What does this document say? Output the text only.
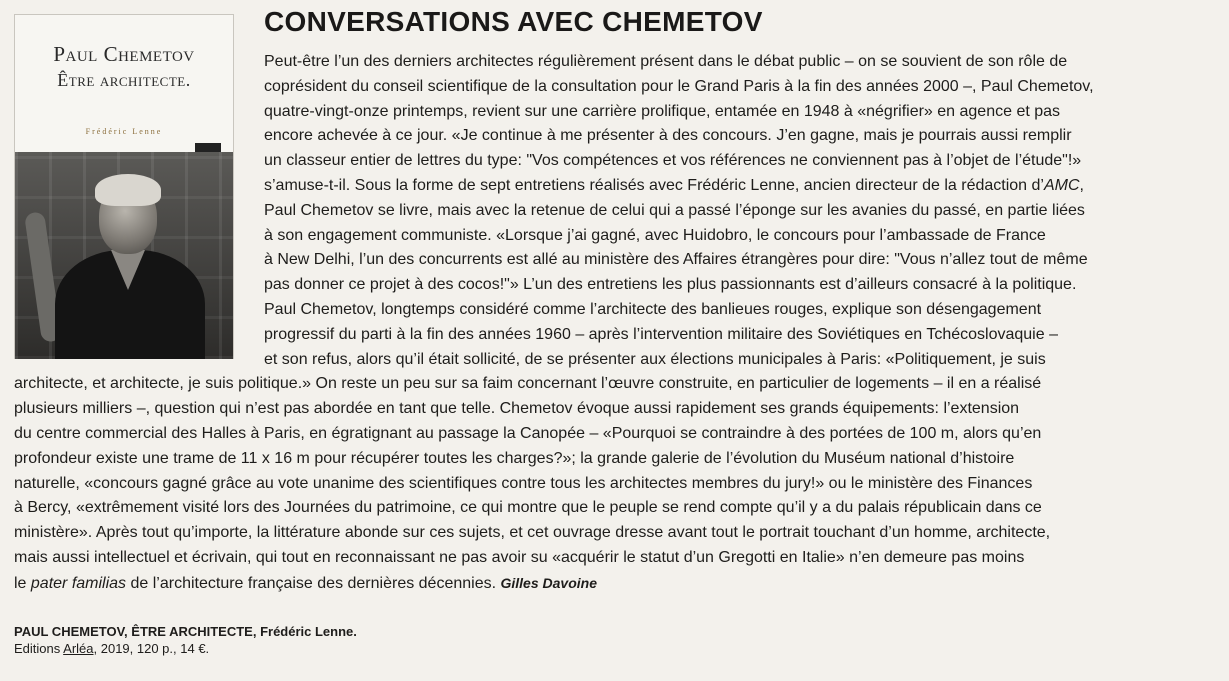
Paul Chemetov
Être architecte.
Frédéric Lenne
CONVERSATIONS AVEC CHEMETOV
Peut-être l’un des derniers architectes régulièrement présent dans le débat public – on se souvient de son rôle de
coprésident du conseil scientifique de la consultation pour le Grand Paris à la fin des années 2000 –, Paul Chemetov,
quatre-vingt-onze printemps, revient sur une carrière prolifique, entamée en 1948 à «négrifier» en agence et pas
encore achevée à ce jour. «Je continue à me présenter à des concours. J’en gagne, mais je pourrais aussi remplir
un classeur entier de lettres du type: "Vos compétences et vos références ne conviennent pas à l’objet de l’étude"!»
s’amuse-t-il. Sous la forme de sept entretiens réalisés avec Frédéric Lenne, ancien directeur de la rédaction d’AMC,
Paul Chemetov se livre, mais avec la retenue de celui qui a passé l’éponge sur les avanies du passé, en partie liées
à son engagement communiste. «Lorsque j’ai gagné, avec Huidobro, le concours pour l’ambassade de France
à New Delhi, l’un des concurrents est allé au ministère des Affaires étrangères pour dire: "Vous n’allez tout de même
pas donner ce projet à des cocos!"» L’un des entretiens les plus passionnants est d’ailleurs consacré à la politique.
Paul Chemetov, longtemps considéré comme l’architecte des banlieues rouges, explique son désengagement
progressif du parti à la fin des années 1960 – après l’intervention militaire des Soviétiques en Tchécoslovaquie –
et son refus, alors qu’il était sollicité, de se présenter aux élections municipales à Paris: «Politiquement, je suis
architecte, et architecte, je suis politique.» On reste un peu sur sa faim concernant l’œuvre construite, en particulier de logements – il en a réalisé
plusieurs milliers –, question qui n’est pas abordée en tant que telle. Chemetov évoque aussi rapidement ses grands équipements: l’extension
du centre commercial des Halles à Paris, en égratignant au passage la Canopée – «Pourquoi se contraindre à des portées de 100 m, alors qu’en
profondeur existe une trame de 11 x 16 m pour récupérer toutes les charges?»; la grande galerie de l’évolution du Muséum national d’histoire
naturelle, «concours gagné grâce au vote unanime des scientifiques contre tous les architectes membres du jury!» ou le ministère des Finances
à Bercy, «extrêmement visité lors des Journées du patrimoine, ce qui montre que le peuple se rend compte qu’il y a du palais républicain dans ce
ministère». Après tout qu’importe, la littérature abonde sur ces sujets, et cet ouvrage dresse avant tout le portrait touchant d’un homme, architecte,
mais aussi intellectuel et écrivain, qui tout en reconnaissant ne pas avoir su «acquérir le statut d’un Gregotti en Italie» n’en demeure pas moins
le pater familias de l’architecture française des dernières décennies. Gilles Davoine
PAUL CHEMETOV, ÊTRE ARCHITECTE, Frédéric Lenne.
Editions Arléa, 2019, 120 p., 14 €.
